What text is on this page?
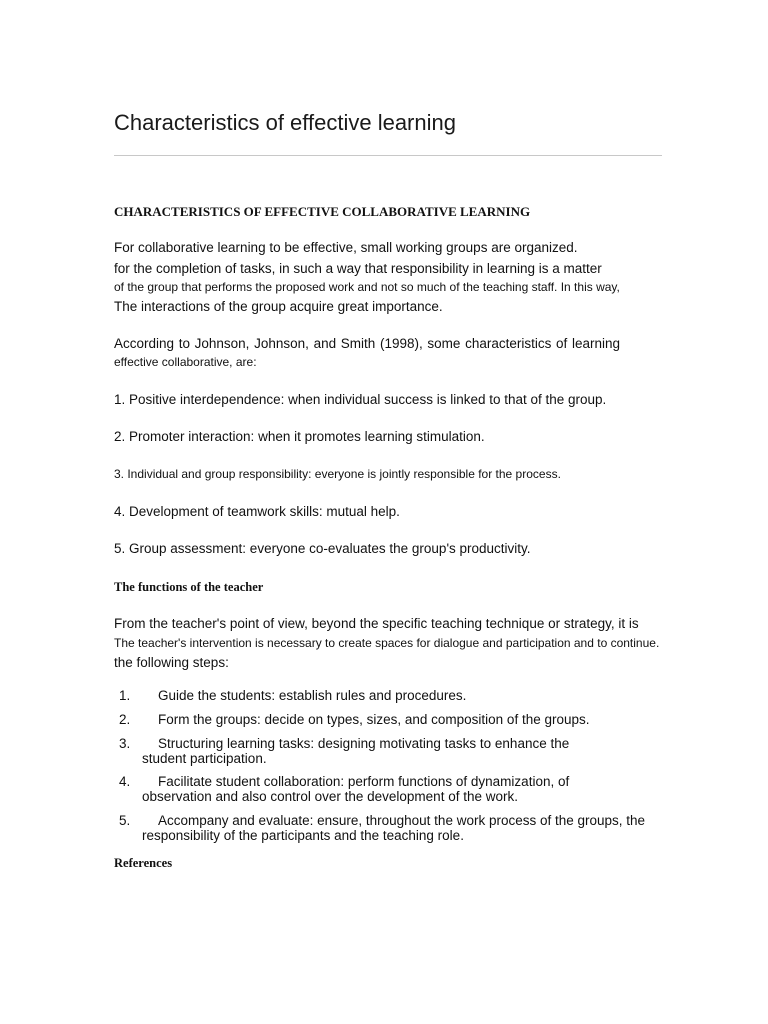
Characteristics of effective learning

CHARACTERISTICS OF EFFECTIVE COLLABORATIVE LEARNING

For collaborative learning to be effective, small working groups are organized.

for the completion of tasks, in such a way that responsibility in learning is a matter

of the group that performs the proposed work and not so much of the teaching staff. In this way,

The interactions of the group acquire great importance.

According to Johnson, Johnson, and Smith (1998), some characteristics of learning

effective collaborative, are:

1. Positive interdependence: when individual success is linked to that of the group.

2. Promoter interaction: when it promotes learning stimulation.

3. Individual and group responsibility: everyone is jointly responsible for the process.

4. Development of teamwork skills: mutual help.

5. Group assessment: everyone co-evaluates the group's productivity.

The functions of the teacher

From the teacher's point of view, beyond the specific teaching technique or strategy, it is

The teacher's intervention is necessary to create spaces for dialogue and participation and to continue.

the following steps:

1. Guide the students: establish rules and procedures.
2. Form the groups: decide on types, sizes, and composition of the groups.
3. Structuring learning tasks: designing motivating tasks to enhance the
student participation.
4. Facilitate student collaboration: perform functions of dynamization, of
observation and also control over the development of the work.
5. Accompany and evaluate: ensure, throughout the work process of the groups, the
responsibility of the participants and the teaching role.

References
